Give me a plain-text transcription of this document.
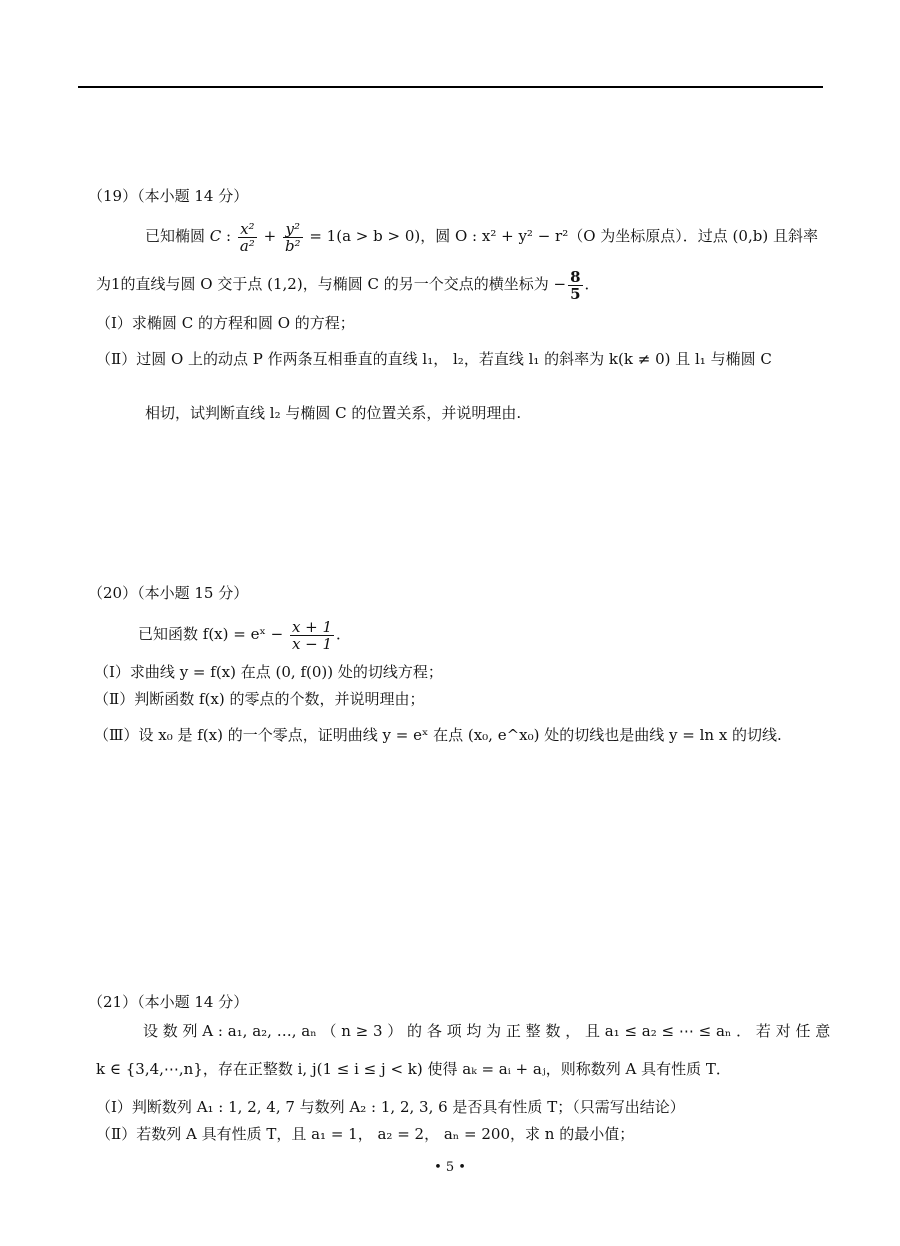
（19）（本小题 14 分）
已知椭圆 C : $\frac{\text{x²}}{\text{a²}} + \frac{\text{y²}}{\text{b²}} = 1(a > b > 0)$，圆 O : x² + y² − r²（O 为坐标原点）．过点 (0,b) 且斜率
为1的直线与圆 O 交于点 (1,2)，与椭圆 C 的另一个交点的横坐标为 − $\frac{8}{5}$ ．
（Ⅰ）求椭圆 C 的方程和圆 O 的方程；
（Ⅱ）过圆 O 上的动点 P 作两条互相垂直的直线 l₁， l₂，若直线 l₁ 的斜率为 k(k ≠ 0) 且 l₁ 与椭圆 C
相切，试判断直线 l₂ 与椭圆 C 的位置关系，并说明理由.
（20）（本小题 15 分）
已知函数 f(x) = eˣ − $\frac{x + 1}{x - 1}$ ．
（Ⅰ）求曲线 y = f(x) 在点 (0, f(0)) 处的切线方程；
（Ⅱ）判断函数 f(x) 的零点的个数，并说明理由；
（Ⅲ）设 x₀ 是 f(x) 的一个零点，证明曲线 y = eˣ 在点 (x₀, e^x₀) 处的切线也是曲线 y = ln x 的切线.
（21）（本小题 14 分）
设 数 列 A : a₁, a₂, …, aₙ （ n ≥ 3 ） 的 各 项 均 为 正 整 数 ， 且 a₁ ≤ a₂ ≤ ⋯ ≤ aₙ ． 若 对 任 意
k ∈ {3,4,⋯,n}，存在正整数 i, j(1 ≤ i ≤ j < k) 使得 aₖ = aᵢ + aⱼ，则称数列 A 具有性质 T．
（Ⅰ）判断数列 A₁ : 1, 2, 4, 7 与数列 A₂ : 1, 2, 3, 6 是否具有性质 T；（只需写出结论）
（Ⅱ）若数列 A 具有性质 T，且 a₁ = 1， a₂ = 2， aₙ = 200，求 n 的最小值；
• 5 •
